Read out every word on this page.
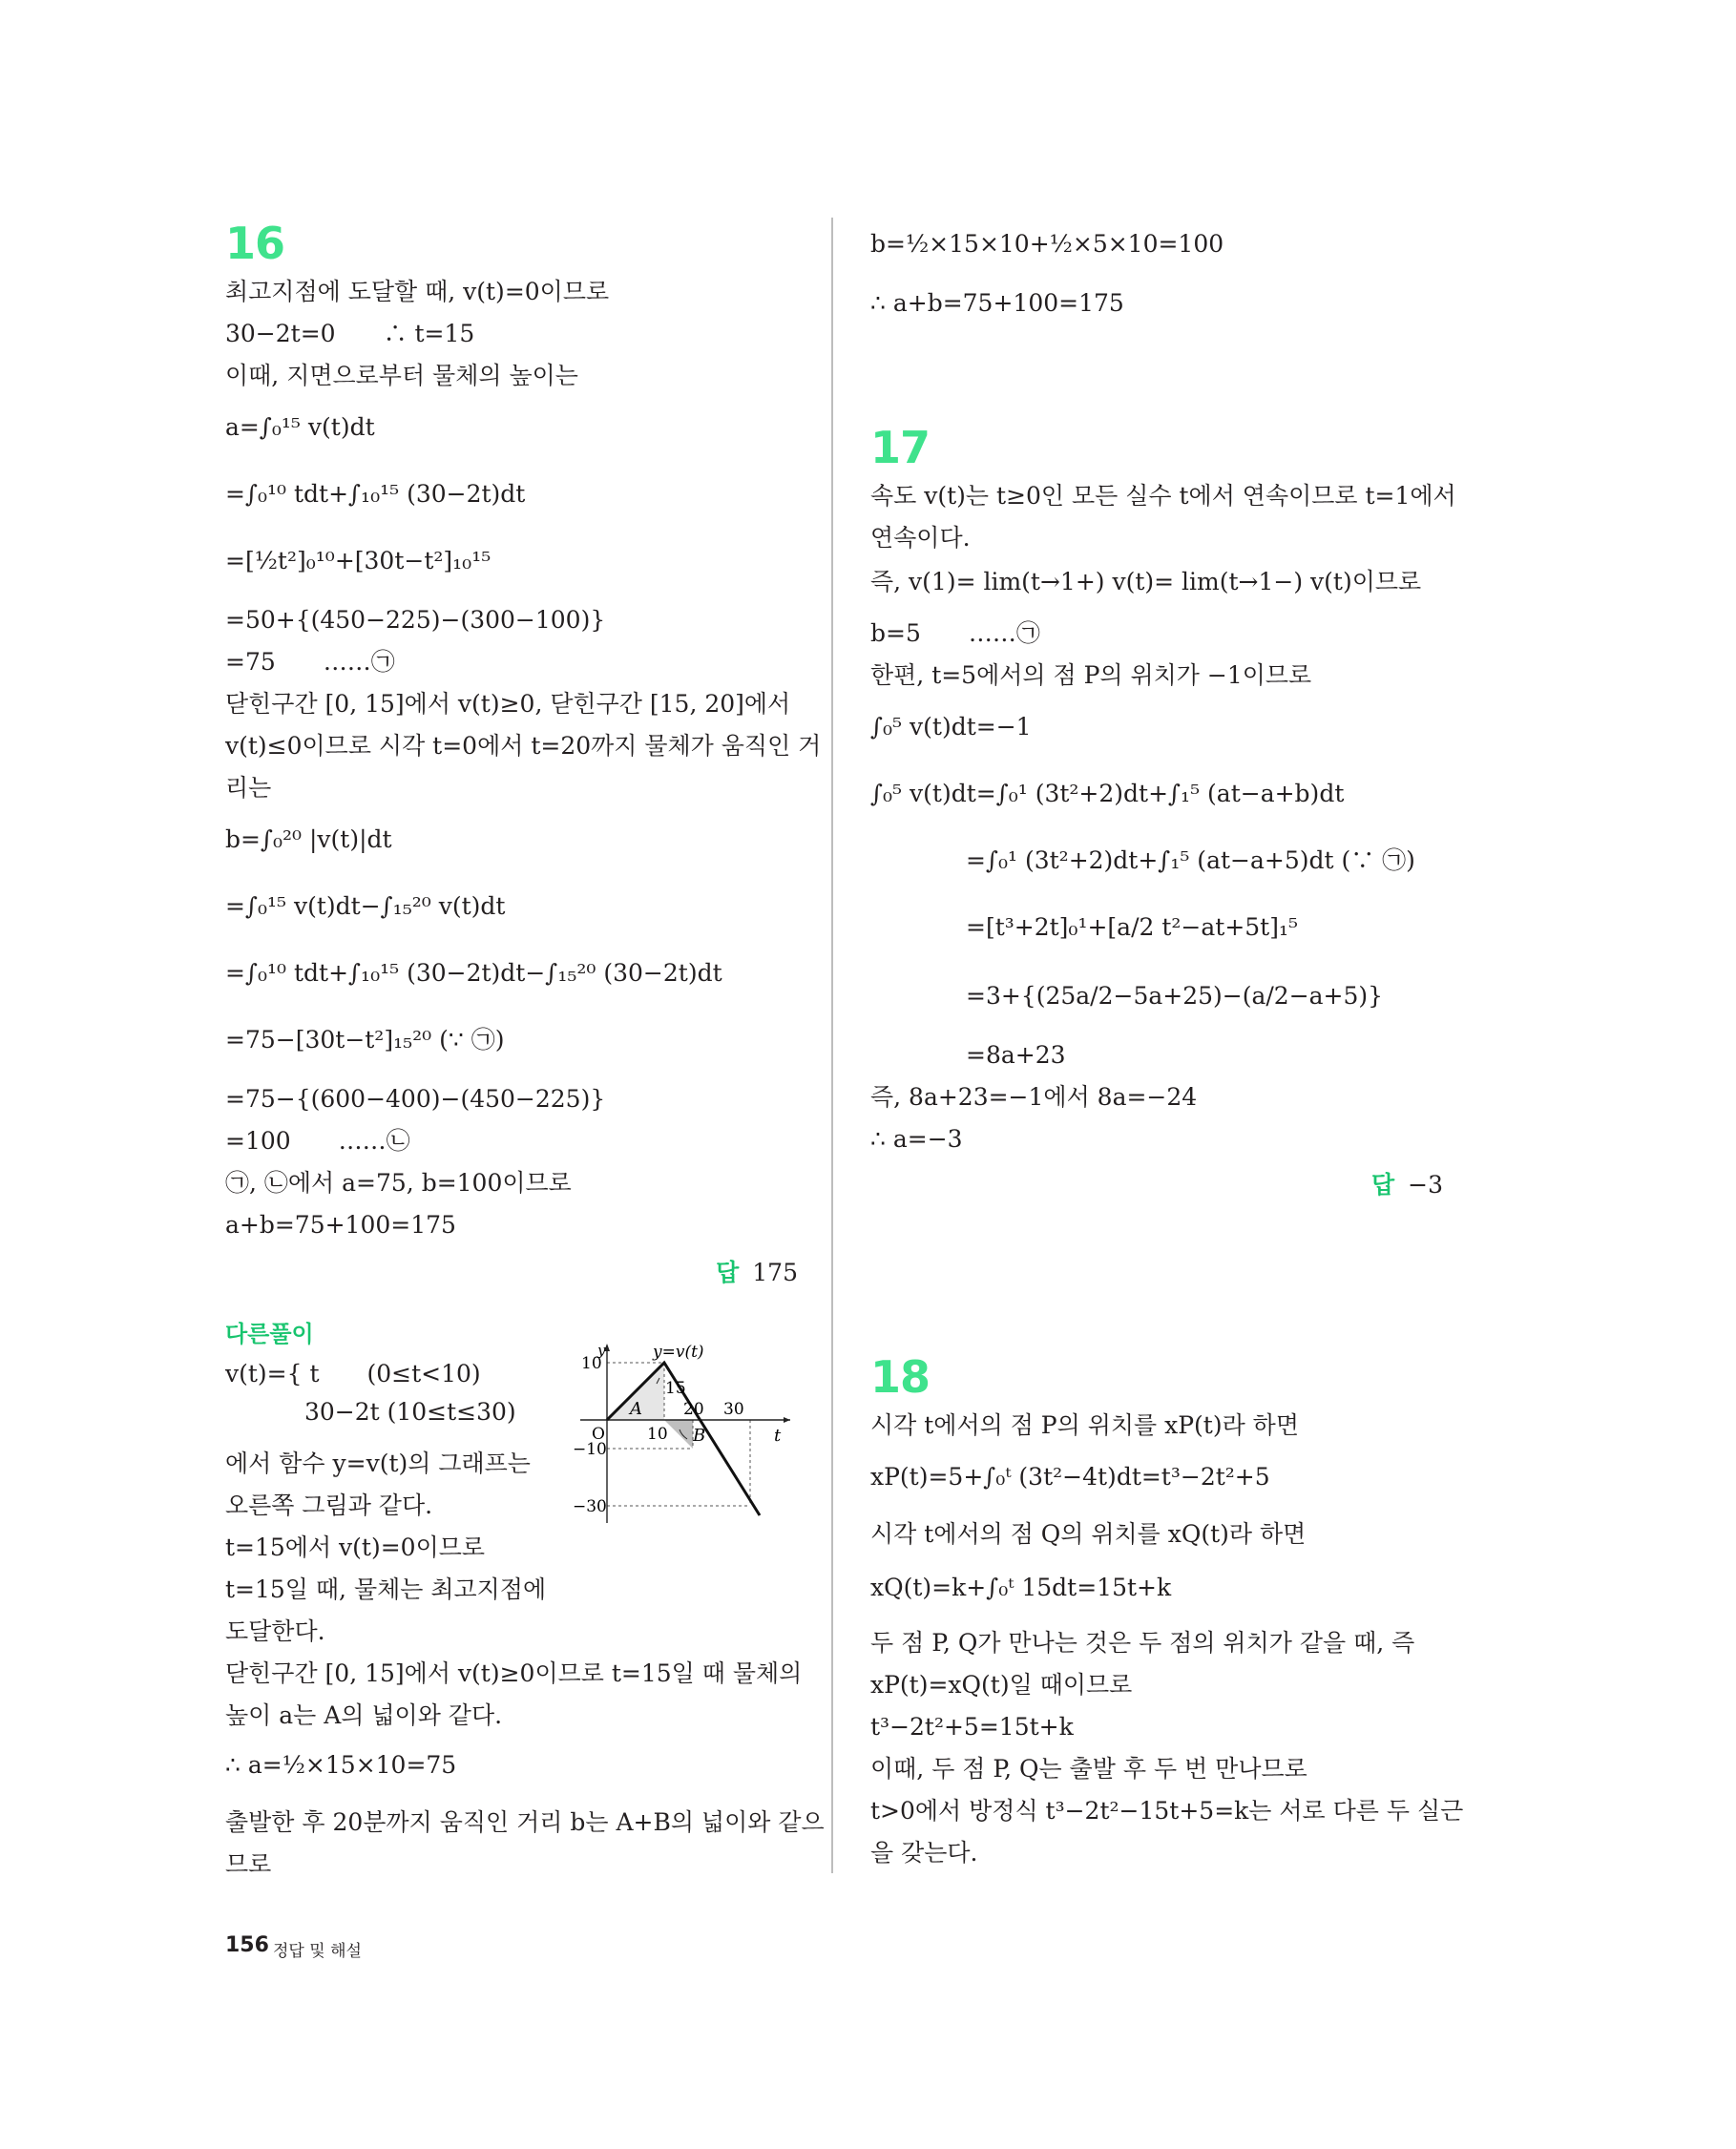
16
최고지점에 도달할 때, v(t)=0이므로
30−2t=0　　∴ t=15
이때, 지면으로부터 물체의 높이는
a=∫₀¹⁵ v(t)dt
=∫₀¹⁰ tdt+∫₁₀¹⁵ (30−2t)dt
=[½t²]₀¹⁰+[30t−t²]₁₀¹⁵
=50+{(450−225)−(300−100)}
=75　　……㉠
닫힌구간 [0, 15]에서 v(t)≥0, 닫힌구간 [15, 20]에서
v(t)≤0이므로 시각 t=0에서 t=20까지 물체가 움직인 거
리는
b=∫₀²⁰ |v(t)|dt
=∫₀¹⁵ v(t)dt−∫₁₅²⁰ v(t)dt
=∫₀¹⁰ tdt+∫₁₀¹⁵ (30−2t)dt−∫₁₅²⁰ (30−2t)dt
=75−[30t−t²]₁₅²⁰ (∵ ㉠)
=75−{(600−400)−(450−225)}
=100　　……㉡
㉠, ㉡에서 a=75, b=100이므로
a+b=75+100=175
답 175
다른풀이
v(t)={ t　　(0≤t<10)
　　　 30−2t (10≤t≤30)
에서 함수 y=v(t)의 그래프는
오른쪽 그림과 같다.
t=15에서 v(t)=0이므로
t=15일 때, 물체는 최고지점에
도달한다.
닫힌구간 [0, 15]에서 v(t)≥0이므로 t=15일 때 물체의
높이 a는 A의 넓이와 같다.
∴ a=½×15×10=75
출발한 후 20분까지 움직인 거리 b는 A+B의 넓이와 같으
므로
y
t
O
y=v(t)
A
B
10
15
20 30
10
−10
−30
b=½×15×10+½×5×10=100
∴ a+b=75+100=175
17
속도 v(t)는 t≥0인 모든 실수 t에서 연속이므로 t=1에서
연속이다.
즉, v(1)= lim(t→1+) v(t)= lim(t→1−) v(t)이므로
b=5　　……㉠
한편, t=5에서의 점 P의 위치가 −1이므로
∫₀⁵ v(t)dt=−1
∫₀⁵ v(t)dt=∫₀¹ (3t²+2)dt+∫₁⁵ (at−a+b)dt
　　　　=∫₀¹ (3t²+2)dt+∫₁⁵ (at−a+5)dt (∵ ㉠)
　　　　=[t³+2t]₀¹+[a/2 t²−at+5t]₁⁵
　　　　=3+{(25a/2−5a+25)−(a/2−a+5)}
　　　　=8a+23
즉, 8a+23=−1에서 8a=−24
∴ a=−3
답 −3
18
시각 t에서의 점 P의 위치를 xP(t)라 하면
xP(t)=5+∫₀ᵗ (3t²−4t)dt=t³−2t²+5
시각 t에서의 점 Q의 위치를 xQ(t)라 하면
xQ(t)=k+∫₀ᵗ 15dt=15t+k
두 점 P, Q가 만나는 것은 두 점의 위치가 같을 때, 즉
xP(t)=xQ(t)일 때이므로
t³−2t²+5=15t+k
이때, 두 점 P, Q는 출발 후 두 번 만나므로
t>0에서 방정식 t³−2t²−15t+5=k는 서로 다른 두 실근
을 갖는다.
156 정답 및 해설
